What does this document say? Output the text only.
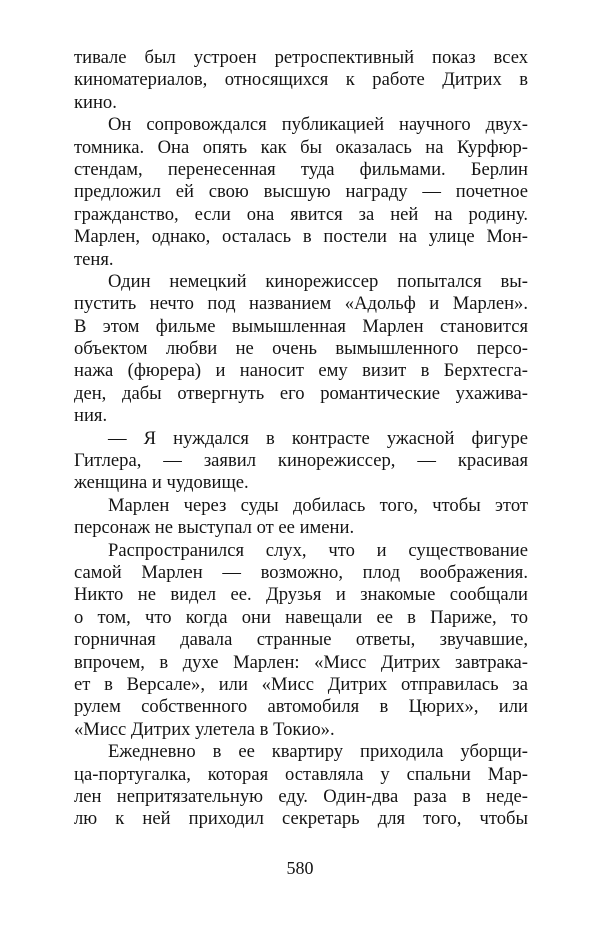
тивале был устроен ретроспективный показ всех
киноматериалов, относящихся к работе Дитрих в
кино.
Он сопровождался публикацией научного двух-
томника. Она опять как бы оказалась на Курфюр-
стендам, перенесенная туда фильмами. Берлин
предложил ей свою высшую награду — почетное
гражданство, если она явится за ней на родину.
Марлен, однако, осталась в постели на улице Мон-
теня.
Один немецкий кинорежиссер попытался вы-
пустить нечто под названием «Адольф и Марлен».
В этом фильме вымышленная Марлен становится
объектом любви не очень вымышленного персо-
нажа (фюрера) и наносит ему визит в Берхтесга-
ден, дабы отвергнуть его романтические ухажива-
ния.
— Я нуждался в контрасте ужасной фигуре
Гитлера, — заявил кинорежиссер, — красивая
женщина и чудовище.
Марлен через суды добилась того, чтобы этот
персонаж не выступал от ее имени.
Распространился слух, что и существование
самой Марлен — возможно, плод воображения.
Никто не видел ее. Друзья и знакомые сообщали
о том, что когда они навещали ее в Париже, то
горничная давала странные ответы, звучавшие,
впрочем, в духе Марлен: «Мисс Дитрих завтрака-
ет в Версале», или «Мисс Дитрих отправилась за
рулем собственного автомобиля в Цюрих», или
«Мисс Дитрих улетела в Токио».
Ежедневно в ее квартиру приходила уборщи-
ца-португалка, которая оставляла у спальни Мар-
лен непритязательную еду. Один-два раза в неде-
лю к ней приходил секретарь для того, чтобы
580
